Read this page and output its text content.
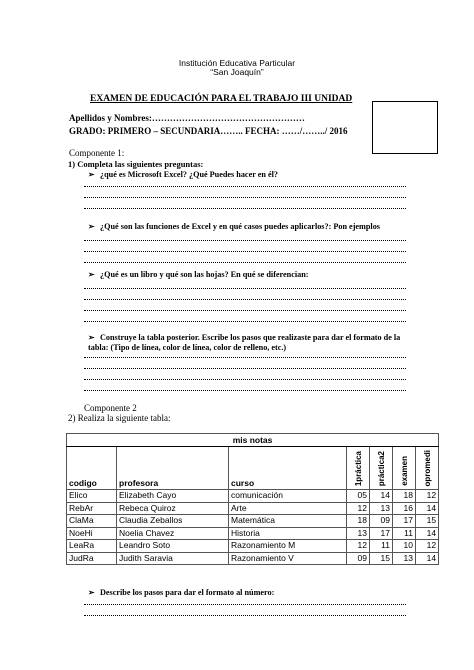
Institución Educativa Particular
“San Joaquín”
EXAMEN DE EDUCACIÓN PARA EL TRABAJO III UNIDAD
Apellidos y Nombres:……………………………………………
GRADO: PRIMERO – SECUNDARIA…….. FECHA: ……/……../ 2016
Componente 1:
1) Completa las siguientes preguntas:
➢ ¿qué es Microsoft Excel? ¿Qué Puedes hacer en él?
➢ ¿Qué son las funciones de Excel y en qué casos puedes aplicarlos?: Pon ejemplos
➢ ¿Qué es un libro y qué son las hojas? En qué se diferencian:
➢ Construye la tabla posterior. Escribe los pasos que realizaste para dar el formato de la tabla: (Tipo de línea, color de línea, color de relleno, etc.)
Componente 2
2) Realiza la siguiente tabla:
mis notas						
codigo	profesora	curso	1práctica	práctica2	examen	opromedi
Elico	Elizabeth Cayo	comunicación	05	14	18	12
RebAr	Rebeca Quiroz	Arte	12	13	16	14
ClaMa	Claudia Zeballos	Matemática	18	09	17	15
NoeHi	Noelia Chavez	Historia	13	17	11	14
LeaRa	Leandro Soto	Razonamiento M	12	11	10	12
JudRa	Judith Saravia	Razonamiento V	09	15	13	14
➢ Describe los pasos para dar el formato al número:
